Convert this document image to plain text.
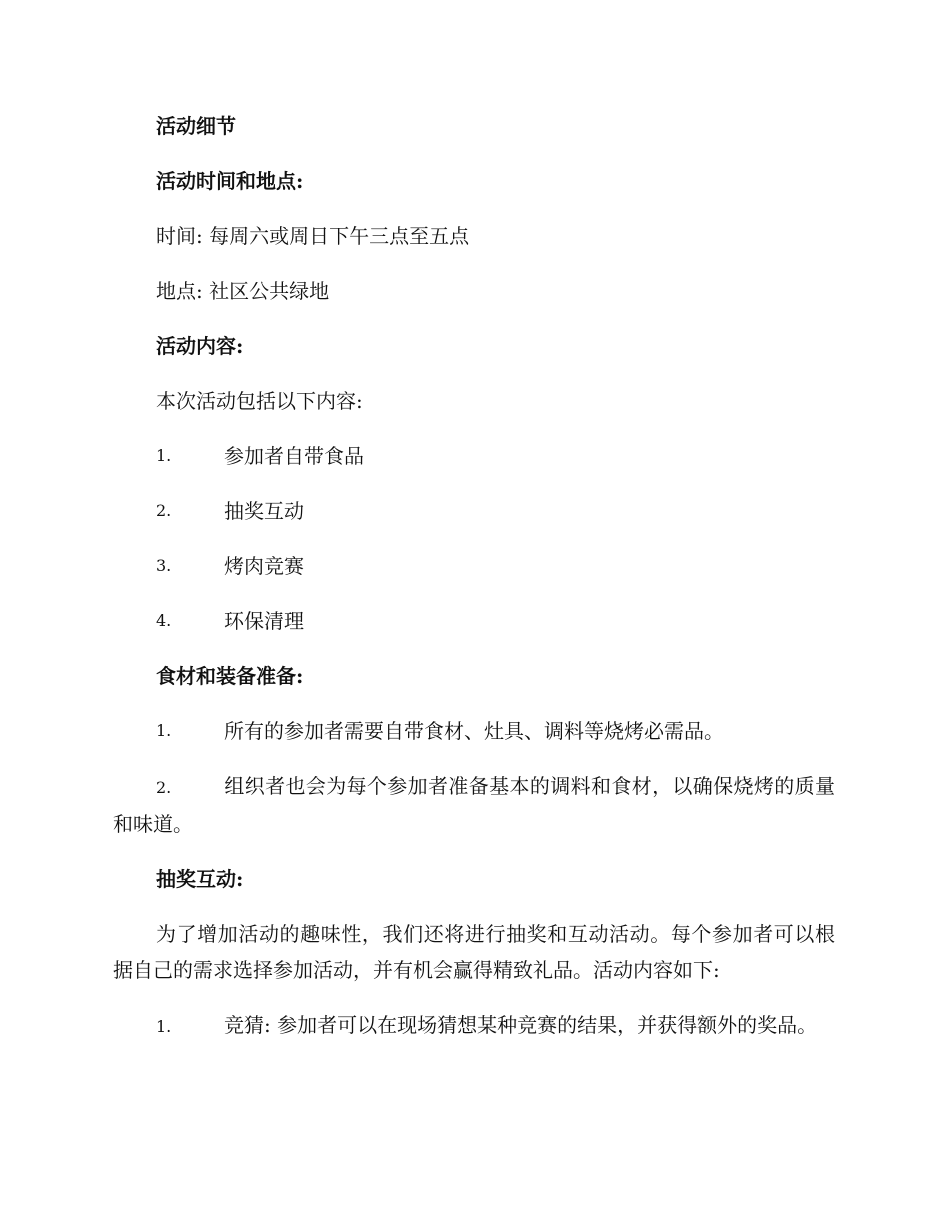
活动细节
活动时间和地点:
时间: 每周六或周日下午三点至五点
地点: 社区公共绿地
活动内容:
本次活动包括以下内容:
1.	参加者自带食品
2.	抽奖互动
3.	烤肉竞赛
4.	环保清理
食材和装备准备:
1.	所有的参加者需要自带食材、灶具、调料等烧烤必需品。
2.	组织者也会为每个参加者准备基本的调料和食材，以确保烧烤的质量和味道。
抽奖互动:
为了增加活动的趣味性，我们还将进行抽奖和互动活动。每个参加者可以根据自己的需求选择参加活动，并有机会赢得精致礼品。活动内容如下:
1.	竞猜: 参加者可以在现场猜想某种竞赛的结果，并获得额外的奖品。
